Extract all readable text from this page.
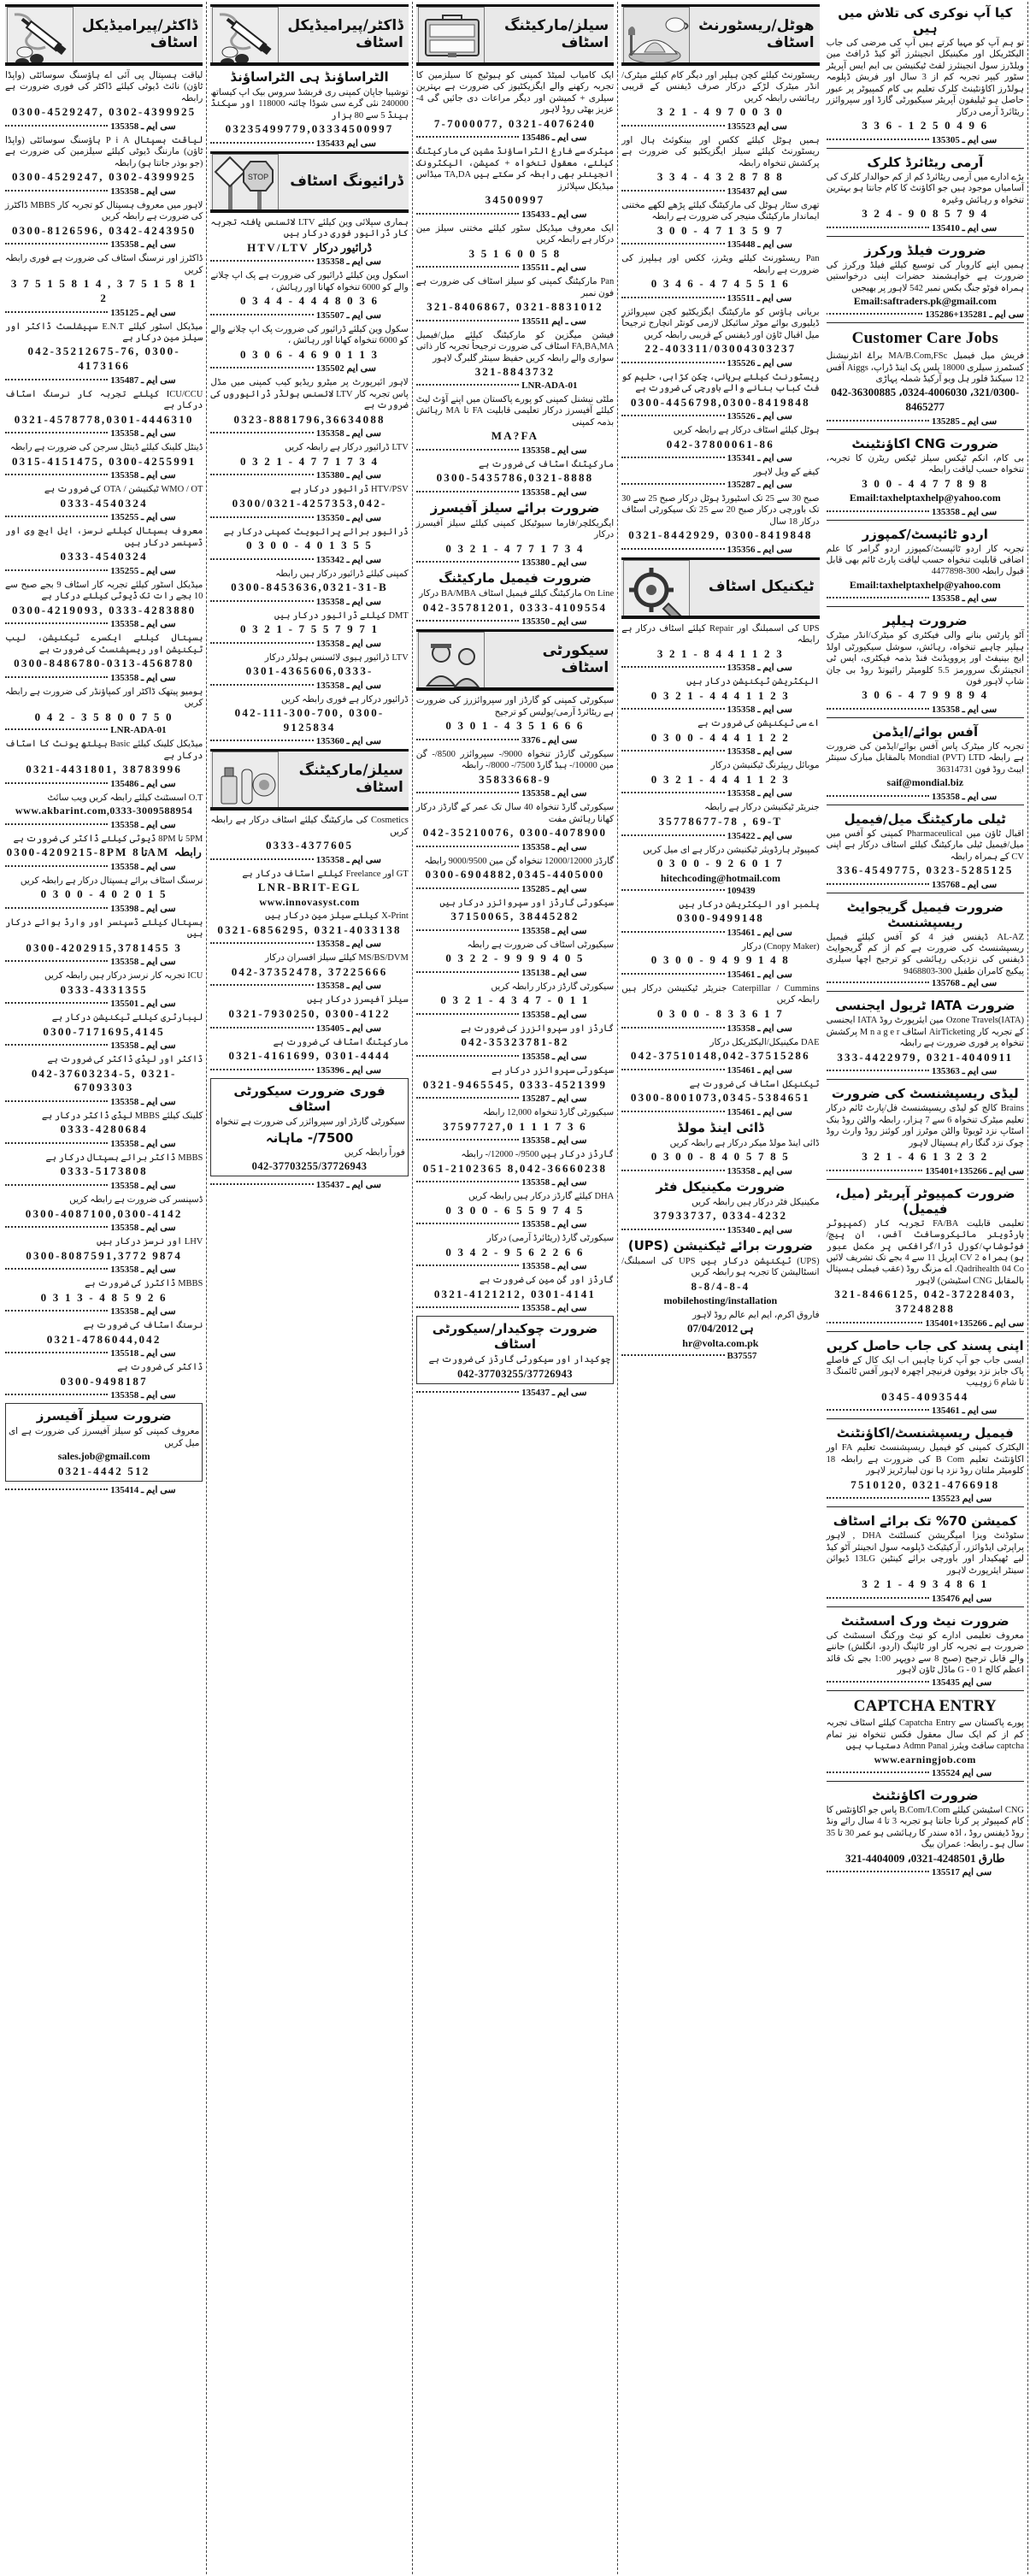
کیا آپ نوکری کی تلاش میں ہیں
تو ہم آپ کو مہیا کرتے ہیں آپ کی مرضی کی جاب الیکٹریکل اور مکینیکل انجینئرز آٹو کیڈ ڈرافٹ مین ویلڈرز سول انجینئرز لفٹ ٹیکنیشن بی ایم ایس آپریٹر سٹور کیپر تجربہ کم از 3 سال اور فریش ڈپلومہ ہولڈرز اکاؤنٹینٹ کلرک تعلیم بی کام کمپیوٹر پر عبور حاصل ہو ٹیلیفون آپریٹر سیکیورٹی گارڈ اور سپروائزر ریٹائرڈ آرمی درکار
3 3 6 - 1 2 5 0 4 9 6
سی ایم ـ 135305
آرمی ریٹائرڈ کلرک
بڑے ادارے میں آرمی ریٹائرڈ کم از کم حوالدار کلرک کی آسامیاں موجود ہیں جو اکاؤنٹ کا کام جانتا ہو بہترین تنخواہ و رہائش وغیرہ
3 2 4 - 9 0 8 5 7 9 4
سی ایم ـ 135410
ضرورت فیلڈ ورکرز
ہمیں اپنے کاروبار کی توسیع کیلئے فیلڈ ورکرز کی ضرورت ہے خواہشمند حضرات اپنی درخواستیں ہمراہ فوٹو جنگ بکس نمبر 542 لاہور پر بھیجیں
Email:saftraders.pk@gmail.com
سی ایم ـ 135281+135286
Customer Care Jobs
فریش میل فیمیل MA/B.Com,FSc براۓ انٹرنیشنل کسٹمرز سیلری 18000 پلس پک اینڈ ڈراپ، Aiggs آفس 12 سیکنڈ فلور ہل ویو آرکیڈ شملہ پہاڑی
042-36300885 ،0324-4006030 ،321/0300-8465277
سی ایم ـ 135285
ضرورت CNG اکاؤنٹینٹ
بی کام، انکم ٹیکس سیلز ٹیکس ریٹرن کا تجربہ، تنخواہ حسب لیاقت رابطہ
3 0 0 - 4 4 7 7 8 9 8
Email:taxhelptaxhelp@yahoo.com
سی ایم ـ 135358
اردو ٹائپسٹ/کمپوزر
تجربہ کار اردو ٹائپسٹ/کمپوزر اردو گرامر کا علم اضافی قابلیت تنخواہ حسب لیاقت پارٹ ٹائم بھی قابل قبول رابطہ 300-4477898
Email:taxhelptaxhelp@yahoo.com
سی ایم ـ 135358
ضرورت ہیلپر
آٹو پارٹس بنانے والی فیکٹری کو میٹرک/انڈر میٹرک ہیلپر چاہیے تنخواہ، رہائش، سوشل سیکیورٹی اولڈ ایج بینیفٹ اور پروویڈنٹ فنڈ بذمہ فیکٹری، ایس ٹی انجینئرنگ سرورمز 5.5 کلومیٹر رائیونڈ روڈ بی جان شاپ لاہور فون
3 0 6 - 4 7 9 9 8 9 4
سی ایم ـ 135358
آفس بوائے/ایڈمن
تجربہ کار میٹرک پاس آفس بوائے/ایڈمن کی ضرورت ہے رابطہ Mondial (PVT) LTD بالمقابل مبارک سینٹر ایبٹ روڈ فون 36314731
saif@mondial.biz
سی ایم ـ 135358
ٹیلی مارکیٹنگ میل/فیمیل
اقبال ٹاؤن میں Pharmaceulical کمپنی کو آفس میں میل/فیمیل ٹیلی مارکیٹنگ کیلئے اسٹاف درکار ہے اپنی CV کے ہمراہ رابطہ
336-4549775, 0323-5285125
سی ایم ـ 135768
ضرورت فیمیل گریجوایٹ ریسپشنسٹ
AL-AZ ڈیفنس فیز 4 کو آفس کیلئے فیمیل ریسپشنسٹ کی ضرورت ہے کم از کم گریجوایٹ ڈیفنس کی نزدیکی رہائشی کو ترجیح اچھا سیلری پیکیج کامران طفیل 300-9468803
سی ایم ـ 135768
ضرورت IATA ٹریول ایجنسی
(IATA)Ozone Travels مین ایئرپورٹ روڈ IATA ایجنسی کے تجربہ کار AirTicketing اسٹاف M n a g e r پرکشش تنخواہ پر فوری ضرورت ہے رابطہ
333-4422979, 0321-4040911
سی ایم ـ 135363
لیڈی ریسپشنسٹ کی ضرورت
Brains کالج کو لیڈی ریسپشنسٹ فل/پارٹ ٹائم درکار تعلیم میٹرک تنخواہ 6 سے 7 ہزار، رابطہ والٹن روڈ بنک اسٹاپ نزد ٹویوٹا والٹن موٹرز اور کوئنز روڈ وارث روڈ چوک نزد گنگا رام ہسپتال لاہور
3 2 1 - 4 6 1 3 2 3 2
سی ایم ـ 135266+135401
ضرورت کمپیوٹر آپریٹر (میل، فیمیل)
تعلیمی قابلیت FA/BA تجربہ کار (کمپیوٹر ہارڈویئر مائیکروسافٹ آفس، ان پیج/فوٹوشاپ/کورل ڈرا/گرافکس پر مکمل عبور ہو) ہمراہ CV 2 اپریل 11 سے 4 بجے تک تشریف لائیں Qadrihealth 04 Co. اے مزنگ روڈ (عقب فیملی ہسپتال بالمقابل CNG اسٹیشن) لاہور
321-8466125, 042-37228403, 37248288
سی ایم ـ 135266+135401
اپنی پسند کی جاب حاصل کریں
ایسی جاب جو آپ کرنا چاہیں اب ایک کال کے فاصلے پاک جابز نزد یوفون فرنیچر اچھرہ لاہور آفس ٹائمنگ 3 تا شام 6 زوہیب
0345-4093544
سی ایم ـ 135461
فیمیل ریسپشنسٹ/اکاؤنٹنٹ
الیکٹرک کمپنی کو فیمیل ریسپشنسٹ تعلیم FA اور اکاؤنٹنٹ تعلیم B Com کی ضرورت ہے رابطہ 18 کلومیٹر ملتان روڈ نزد ہا نون لیبارٹریز لاہور
7510120, 0321-4766918
سی ایم 135523
کمیشن 70% تک برائے اسٹاف
سٹوڈنٹ ویزا امیگریشن کنسلٹنٹ DHA , لاہور پراپرٹی ایڈوائزر، آرکیٹیکٹ ڈپلومہ سول انجینئر آٹو کیڈ لیے ٹھیکیدار اور باورچی برائے کینٹین 13LG ڈیوائن سینٹر ایئرپورٹ لاہور
3 2 1 - 4 9 3 4 8 6 1
سی ایم 135476
ضرورت نیٹ ورک اسسٹنٹ
معروف تعلیمی ادارے کو نیٹ ورکنگ اسسٹنٹ کی ضرورت ہے تجربہ کار اور ٹائپنگ (اردو، انگلش) جاننے والے قابل ترجیح (صبح 8 سے دوپہر 1:00 بجے تک قائد اعظم کالج G - 0 1 ماڈل ٹاؤن لاہور
سی ایم 135435
CAPTCHA ENTRY
پورے پاکستان سے Capatcha Entry کیلئے اسٹاف تجربہ کم از کم ایک سال معقول فکس تنخواہ نیز تمام captcha سافٹ ویئرز Admn Panal دستیاب ہیں
www.earningjob.com
سی ایم 135524
ضرورت اکاؤنٹنٹ
CNG اسٹیشن کیلئے B.Com/I.Com پاس جو اکاؤنٹس کا کام کمپیوٹر پر کرنا جانتا ہو تجربہ 3 تا 4 سال رائے ونڈ روڈ ڈیفنس روڈ ، اڈہ سندر کا رہائشی ہو عمر 30 تا 35 سال ہو ـ رابطہ: عمران بیگ
321-4404009 ،0321-4248501 طارق
سی ایم 135517
ھوٹل/ریسٹورنٹ اسٹاف
ریسٹورنٹ کیلئے کچن ہیلپر اور دیگر کام کیلئے میٹرک/انڈر میٹرک لڑکے درکار صرف ڈیفنس کے قریبی رہائشی رابطہ کریں
3 2 1 - 4 9 7 0 0 3 0
سی ایم 135523
ہمیں ہوٹل کیلئے ککس اور بینکوئٹ ہال اور ریسٹورنٹ کیلئے سیلز ایگزیکٹیو کی ضرورت ہے پرکشش تنخواہ رابطہ
3 3 4 - 4 3 2 8 7 8 8
سی ایم 135437
تھری سٹار ہوٹل کی مارکیٹنگ کیلئے پڑھے لکھے مختنی ایماندار مارکیٹنگ منیجر کی ضرورت ہے رابطہ
3 0 0 - 4 7 1 3 5 9 7
سی ایم ـ 135448
Pan ریسٹورنٹ کیلئے ویٹرز، ککس اور ہیلپرز کی ضرورت ہے رابطہ
0 3 4 6 - 4 7 4 5 5 1 6
سی ایم ـ 135511
بریانی ہاؤس کو مارکیٹنگ ایگزیکٹیو کچن سپروائزر ڈیلیوری بوائے موٹر سائیکل لازمی کونٹر انچارج ترجیحاً میل اقبال ٹاؤن اور ڈیفنس کے قریبی رابطہ کریں
22-403311/03004303237
سی ایم ـ 135526
ریسٹورنٹ کیلئے بریانی، چکن کڑاہی، حلیم کو فٹ کباب بنانے والے باورچی کی ضرورت ہے
0300-4456798,0300-8419848
سی ایم ـ 135526
ہوٹل کیلئے اسٹاف درکار ہے رابطہ کریں
042-37800061-86
سی ایم ـ 135341
کیفے کے ویل لاہور
سی ایم ـ 135287
صبح 30 سے 25 تک اسٹیورڈ ہوٹل درکار صبح 25 سے 30 تک باورچی درکار صبح 20 سے 25 تک سیکورٹی اسٹاف درکار 18 سال
0321-8442929, 0300-8419848
سی ایم ـ 135356
ٹیکنیکل اسٹاف
UPS کی اسمبلنگ اور Repair کیلئے اسٹاف درکار ہے رابطہ
3 2 1 - 8 4 4 1 1 2 3
سی ایم ـ 135358
الیکٹریشن ٹیکنیشن درکار ہیں
0 3 2 1 - 4 4 4 1 1 2 3
سی ایم ـ 135358
اے سی ٹیکنیشن کی ضرورت ہے
0 3 0 0 - 4 4 4 1 1 2 2
سی ایم ـ 135358
موبائل ریپئرنگ ٹیکنیشن درکار
0 3 2 1 - 4 4 4 1 1 2 3
سی ایم ـ 135358
جنریٹر ٹیکنیشن درکار ہے رابطہ
35778677-78 , 69-T
سی ایم ـ 135422
کمپیوٹر ہارڈویئر ٹیکنیشن درکار ہے ای میل کریں
0 3 0 0 - 9 2 6 0 1 7
hitechcoding@hotmail.com
109439
پلمبر اور الیکٹریشن درکار ہیں
0300-9499148
سی ایم ـ 135461
(Cnopy Maker) درکار
0 3 0 0 - 9 4 9 9 1 4 8
سی ایم ـ 135461
Caterpillar / Cummins جنریٹر ٹیکنیشن درکار ہیں رابطہ کریں
0 3 0 0 - 8 3 3 6 1 7
سی ایم ـ 135358
DAE مکینیکل/الیکٹریکل درکار
042-37510148,042-37515286
سی ایم ـ 135461
ٹیکنیکل اسٹاف کی ضرورت ہے
0300-8001073,0345-5384651
سی ایم ـ 135461
ڈائی اینڈ مولڈ
ڈائی اینڈ مولڈ میکر درکار ہے رابطہ کریں
0 3 0 0 - 8 4 0 5 7 8 5
سی ایم ـ 135358
ضرورت مکینیکل فٹر
مکینیکل فٹر درکار ہیں رابطہ کریں
37933737, 0334-4232
سی ایم ـ 135340
ضرورت برائے ٹیکنیشن (UPS)
(UPS) ٹیکنیشن درکار ہیں UPS کی اسمبلنگ/انسٹالیشن کا تجربہ ہو رابطہ کریں
8-8/4-8-4
mobilehosting/installation
فاروق اکرم، ایم ایم عالم روڈ لاہور
07/04/2012 ہی
hr@volta.com.pk
B37557
سیلز/مارکیٹنگ اسٹاف
ایک کامیاب لمیٹڈ کمپنی کو ہیوٹیج کا سیلزمین کا تجربہ رکھنے والے ایگزیکٹیوز کی ضرورت ہے بہترین سیلری + کمیشن اور دیگر مراعات دی جائیں گی 4-عزیز بھٹی روڈ لاہور
7-7000077, 0321-4076240
سی ایم ـ 135486
میٹرک سے فارغ الٹراساؤنڈ مشین کی مارکیٹنگ کیلئے، معقول تنخواہ + کمیشن، الیکٹرونک انجینئر بھی رابطہ کر سکتے ہیں TA,DA میڈاس میڈیکل سپلائرز
34500997
سی ایم ـ 135433
ایک معروف میڈیکل سٹور کیلئے مختنی سیلز مین درکار ہے رابطہ کریں
3 5 1 6 0 0 5 8
سی ایم ـ 135511
Pan مارکیٹنگ کمپنی کو سیلز اسٹاف کی ضرورت ہے فون نمبر
321-8406867, 0321-8831012
سی ـ ایم 135511
فیشن میگزین کو مارکیٹنگ کیلئے میل/فیمیل FA,BA,MA اسٹاف کی ضرورت ترجیحاً تجربہ کار ذاتی سواری والے رابطہ کریں حفیظ سینٹر گلبرگ لاہور
321-8843732
LNR-ADA-01
ملٹی نیشنل کمپنی کو پورے پاکستان میں اپنے آؤٹ لیٹ کیلئے آفیسرز درکار تعلیمی قابلیت FA تا MA رہائش بذمہ کمپنی
MA?FA
سی ایم ـ 135358
مارکیٹنگ اسٹاف کی ضرورت ہے
0300-5435786,0321-8888
سی ایم ـ 135358
ضرورت برائے سیلز آفیسرز
ایگریکلچر/فارما سیوٹیکل کمپنی کیلئے سیلز آفیسرز درکار
0 3 2 1 - 4 7 7 1 7 3 4
سی ایم ـ 135380
ضرورت فیمیل مارکیٹنگ
On Line مارکیٹنگ کیلئے فیمیل اسٹاف BA/MBA درکار
042-35781201, 0333-4109554
سی ایم ـ 135350
سیکورٹی اسٹاف
سیکورٹی کمپنی کو گارڈز اور سپروائزرز کی ضرورت ہے ریٹائرڈ آرمی/پولیس کو ترجیح
0 3 0 1 - 4 3 5 1 6 6 6
سی ایم ـ 3376
سیکورٹی گارڈز تنخواہ 9000/- سپروائزر 8500/- گن مین 10000/- ہیڈ گارڈ 7500/- 8000/- رابطہ
35833668-9
سی ایم ـ 135358
سیکورٹی گارڈ تنخواہ 40 سال تک عمر کے گارڈز درکار کھانا رہائش مفت
042-35210076, 0300-4078900
سی ایم ـ 135358
گارڈز 12000/12000 تنخواہ گن مین 9000/9500 رابطہ
0300-6904882,0345-4405000
سی ایم ـ 135285
سیکورٹی گارڈز اور سپروائزر درکار ہیں
37150065, 38445282
سی ایم ـ 135358
سیکیورٹی اسٹاف کی ضرورت ہے رابطہ
0 3 2 2 - 9 9 9 9 4 0 5
سی ایم ـ 135138
سیکورٹی گارڈز درکار رابطہ کریں
0 3 2 1 - 4 3 4 7 - 0 1 1
سی ایم ـ 135358
گارڈز اور سپروائزرز کی ضرورت ہے
042-35323781-82
سی ایم ـ 135358
سیکورٹی سپروائزر درکار ہے
0321-9465545, 0333-4521399
سی ایم ـ 135287
سیکیورٹی گارڈ تنخواہ 12,000 رابطہ
37597727,0 1 1 1 7 3 6
سی ایم ـ 135358
گارڈز درکار ہیں 9500/- 12000/- رابطہ
051-2102365 8,042-36660238
سی ایم ـ 135358
DHA کیلئے گارڈز درکار ہیں رابطہ کریں
0 3 0 0 - 6 5 5 9 7 4 5
سی ایم ـ 135358
سیکورٹی گارڈ (ریٹائرڈ آرمی) درکار
0 3 4 2 - 9 5 6 2 2 6 6
سی ایم ـ 135358
گارڈز اور گن مین کی ضرورت ہے
0321-4121212, 0301-4141
سی ایم ـ 135358
ضرورت چوکیدار/سیکورٹی اسٹاف
چوکیدار اور سیکورٹی گارڈز کی ضرورت ہے
042-37703255/37726943
سی ایم ـ 135437
ڈاکٹر/پیرامیڈیکل اسٹاف
الٹراساؤنڈ ہی الٹراساؤنڈ
توشیبا جاپان کمپنی ری فربشڈ سروس بیک اپ کیساتھ 240000 نئی گرے سی شوڈا چائنہ 118000 اور سیکنڈ ہینڈ 5 سے 80 ہزار
03235499779,03334500997
سی ایم 135433
STOP ڈرائیونگ اسٹاف
ہماری سپلائی وین کیلئے LTV لائسنس یافتہ تجربہ کار ڈرائیور فوری درکار ہیں
HTV/LTV ڈرائیور درکار
سی ایم ـ 135358
اسکول وین کیلئے ڈرائیور کی ضرورت ہے پک اپ چلانے والے کو 6000 تنخواہ کھانا اور رہائش ،
0 3 4 4 - 4 4 4 8 0 3 6
سی ایم ـ 135507
سکول وین کیلئے ڈرائیور کی ضرورت پک اپ چلانے والے کو 6000 تنخواہ کھانا اور رہائش ،
0 3 0 6 - 4 6 9 0 1 1 3
سی ایم 135502
لاہور ائیرپورٹ پر میٹرو ریڈیو کیب کمپنی میں مڈل پاس تجربہ کار LTV لائسنس ہولڈر ڈرائیوروں کی ضرورت ہے
0323-8881796,36634088
سی ایم ـ 135358
LTV ڈرائیور درکار ہے رابطہ کریں
0 3 2 1 - 4 7 7 1 7 3 4
سی ایم ـ 135380
HTV/PSV ڈرائیور درکار ہے
0300/0321-4257353,042-
سی ایم ـ 135350
ڈرائیور برائے پرائیویٹ کمپنی درکار ہے
0 3 0 0 - 4 0 1 3 5 5
سی ایم ـ 135342
کمپنی کیلئے ڈرائیور درکار ہیں رابطہ
0300-8453636,0321-31-B
سی ایم ـ 135358
DMT کیلئے ڈرائیور درکار ہیں
0 3 2 1 - 7 5 5 7 9 7 1
سی ایم ـ 135358
LTV ڈرائیور ہیوی لائسنس ہولڈر درکار
0301-4365606,0333-
سی ایم ـ 135358
ڈرائیور درکار ہے فوری رابطہ کریں
042-111-300-700, 0300-9125834
سی ایم ـ 135360
سیلز/مارکیٹنگ اسٹاف
Cosmetics کی مارکیٹنگ کیلئے اسٹاف درکار ہے رابطہ کریں
0333-4377605
سی ایم ـ 135358
GT اور Freelance کیلئے اسٹاف درکار ہے
LNR-BRIT-EGL
www.innovasyst.com
X-Print کیلئے سیلز مین درکار ہیں
0321-6856295, 0321-4033138
سی ایم ـ 135358
MS/BS/DVM کیلئے سیلز افسران درکار
042-37352478, 37225666
سی ایم ـ 135358
سیلز آفیسرز درکار ہیں
0321-7930250, 0300-4122
سی ایم ـ 135405
مارکیٹنگ اسٹاف کی ضرورت ہے
0321-4161699, 0301-4444
سی ایم ـ 135396
فوری ضرورت سیکورٹی اسٹاف
سیکورٹی گارڈز اور سپروائزر کی ضرورت ہے تنخواہ
7500/- ماہانہ
فوراً رابطہ کریں
042-37703255/37726943
سی ایم ـ 135437
ڈاکٹر/پیرامیڈیکل اسٹاف
لیاقت ہسپتال پی آئی اے ہاؤسنگ سوسائٹی (واپڈا ٹاؤن) نائٹ ڈیوٹی کیلئے ڈاکٹر کی فوری ضرورت ہے رابطہ
0300-4529247, 0302-4399925
سی ایم ـ 135358
لیاقت ہسپتال P i A ہاؤسنگ سوسائٹی (واپڈا ٹاؤن) مارننگ ڈیوٹی کیلئے سیلزمین کی ضرورت ہے (جو بوذر جانتا ہو) رابطہ
0300-4529247, 0302-4399925
سی ایم ـ 135358
لاہور میں معروف ہسپتال کو تجربہ کار MBBS ڈاکٹرز کی ضرورت ہے رابطہ کریں
0300-8126596, 0342-4243950
سی ایم ـ 135358
ڈاکٹرز اور نرسنگ اسٹاف کی ضرورت ہے فوری رابطہ کریں
3 7 5 1 5 8 1 4 , 3 7 5 1 5 8 1 2
سی ایم ـ 135125
میڈیکل اسٹور کیلئے E.N.T سپیشلسٹ ڈاکٹر اور سیلز مین درکار ہے
042-35212675-76, 0300-4173166
سی ایم ـ 135487
ICU/CCU کیلئے تجربہ کار نرسنگ اسٹاف درکار ہے
0321-4578778,0301-4446310
سی ایم ـ 135358
ڈینٹل کلینک کیلئے ڈینٹل سرجن کی ضرورت ہے رابطہ
0315-4151475, 0300-4255991
سی ایم ـ 135358
WMO / OT ٹیکنیشن / OTA کی ضرورت ہے
0333-4540324
سی ایم ـ 135255
معروف ہسپتال کیلئے نرسز، ایل ایچ وی اور ڈسپنسر درکار ہیں
0333-4540324
سی ایم ـ 135255
میڈیکل اسٹور کیلئے تجربہ کار اسٹاف 9 بجے صبح سے 10 بجے رات تک ڈیوٹی کیلئے درکار ہے
0300-4219093, 0333-4283880
سی ایم ـ 135358
ہسپتال کیلئے ایکسرے ٹیکنیشن، لیب ٹیکنیشن اور ریسپشنسٹ کی ضرورت ہے
0300-8486780-0313-4568780
سی ایم ـ 135358
ہومیو پیتھک ڈاکٹر اور کمپاؤنڈر کی ضرورت ہے رابطہ کریں
0 4 2 - 3 5 8 0 0 7 5 0
LNR-ADA-01
میڈیکل کلینک کیلئے Basic ہیلتھ یونٹ کا اسٹاف درکار ہے
0321-4431801, 38783996
سی ایم ـ 135486
O.T اسسٹنٹ کیلئے رابطہ کریں ویب سائٹ
www.akbarint.com,0333-3009588954
سی ایم ـ 135358
5PM تا 8PM ڈیوٹی کیلئے ڈاکٹر کی ضرورت ہے
0300-4209215-8PM تا 8AM رابطہ
سی ایم ـ 135358
نرسنگ اسٹاف برائے ہسپتال درکار ہے رابطہ کریں
0 3 0 0 - 4 0 2 0 1 5
سی ایم ـ 135398
ہسپتال کیلئے ڈسپنسر اور وارڈ بوائے درکار ہیں
0300-4202915,3781455 3
سی ایم ـ 135358
ICU تجربہ کار نرسز درکار ہیں رابطہ کریں
0333-4331355
سی ایم ـ 135501
لیبارٹری کیلئے ٹیکنیشن درکار ہے
0300-7171695,4145
سی ایم ـ 135358
ڈاکٹر اور لیڈی ڈاکٹر کی ضرورت ہے
042-37603234-5, 0321-67093303
سی ایم ـ 135358
کلینک کیلئے MBBS لیڈی ڈاکٹر درکار ہے
0333-4280684
سی ایم ـ 135358
MBBS ڈاکٹر برائے ہسپتال درکار ہے
0333-5173808
سی ایم ـ 135358
ڈسپنسر کی ضرورت ہے رابطہ کریں
0300-4087100,0300-4142
سی ایم ـ 135358
LHV اور نرسز درکار ہیں
0300-8087591,3772 9874
سی ایم ـ 135358
MBBS ڈاکٹرز کی ضرورت ہے
0 3 1 3 - 4 8 5 9 2 6
سی ایم ـ 135358
نرسنگ اسٹاف کی ضرورت ہے
0321-4786044,042
سی ایم ـ 135518
ڈاکٹر کی ضرورت ہے
0300-9498187
سی ایم ـ 135358
ضرورت سیلز آفیسرز
معروف کمپنی کو سیلز آفیسرز کی ضرورت ہے ای میل کریں
sales.job@gmail.com
0321-4442 512
سی ایم ـ 135414
